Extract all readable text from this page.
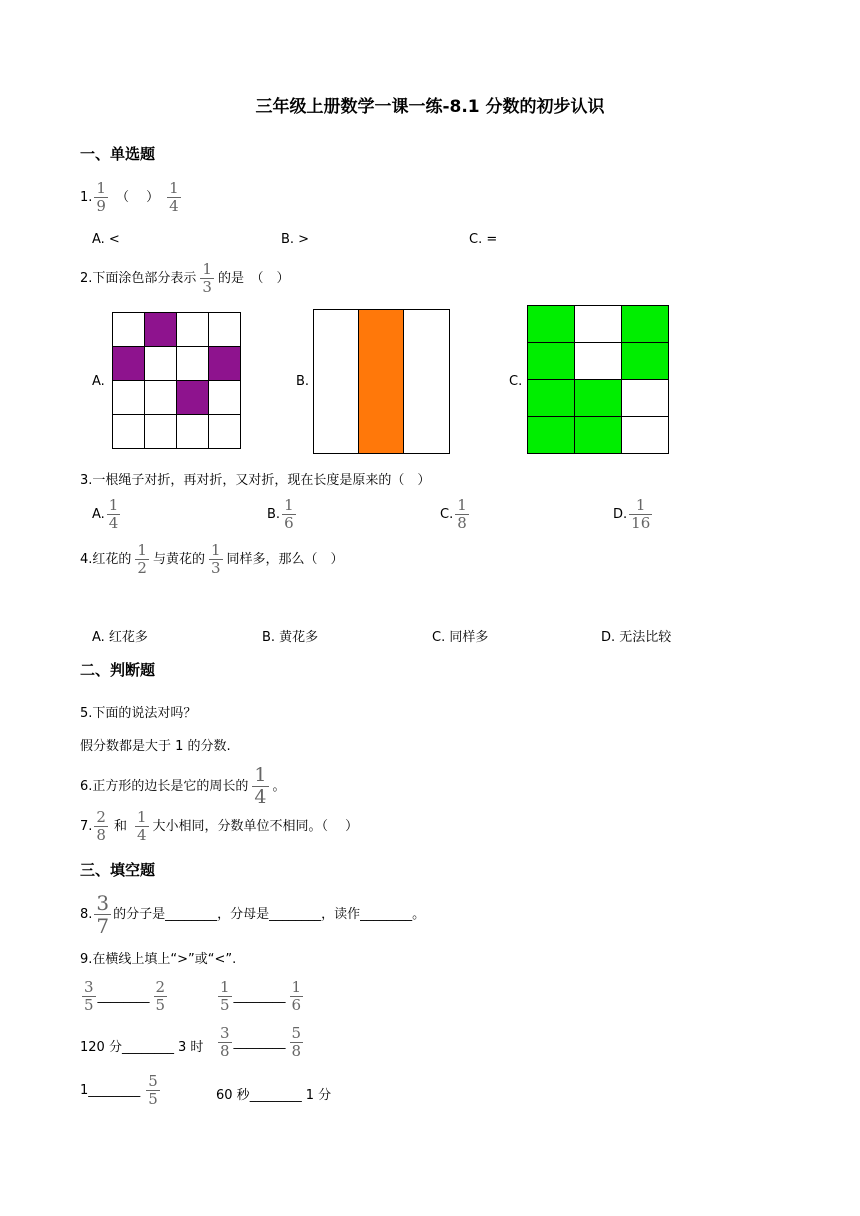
三年级上册数学一课一练-8.1 分数的初步认识
一、单选题
1. $\frac{1}{9}$ （　 ） $\frac{1}{4}$
A. <	B. >	C. =
2.下面涂色部分表示 $\frac{1}{3}$ 的是　（　）
A.	B.	C.
3.一根绳子对折，再对折，又对折，现在长度是原来的（　）
A. $\frac{1}{4}$	B. $\frac{1}{6}$	C. $\frac{1}{8}$	D. $\frac{1}{16}$
4.红花的 $\frac{1}{2}$ 与黄花的 $\frac{1}{3}$ 同样多，那么（　）
A. 红花多	B. 黄花多	C. 同样多	D. 无法比较
二、判断题
5.下面的说法对吗？
假分数都是大于 1 的分数.
6.正方形的边长是它的周长的 $\frac{1}{4}$ 。
7. $\frac{2}{8}$ 和 $\frac{1}{4}$ 大小相同，分数单位不相同。（　 ）
三、填空题
8. $\frac{3}{7}$ 的分子是________，分母是________，读作________。
9.在横线上填上“>”或“<”.
$\frac{3}{5}$ ________ $\frac{2}{5}$	$\frac{1}{5}$ ________ $\frac{1}{6}$
120 分________ 3 时 $\frac{3}{8}$ ________ $\frac{5}{8}$
1________ $\frac{5}{5}$	60 秒________ 1 分
